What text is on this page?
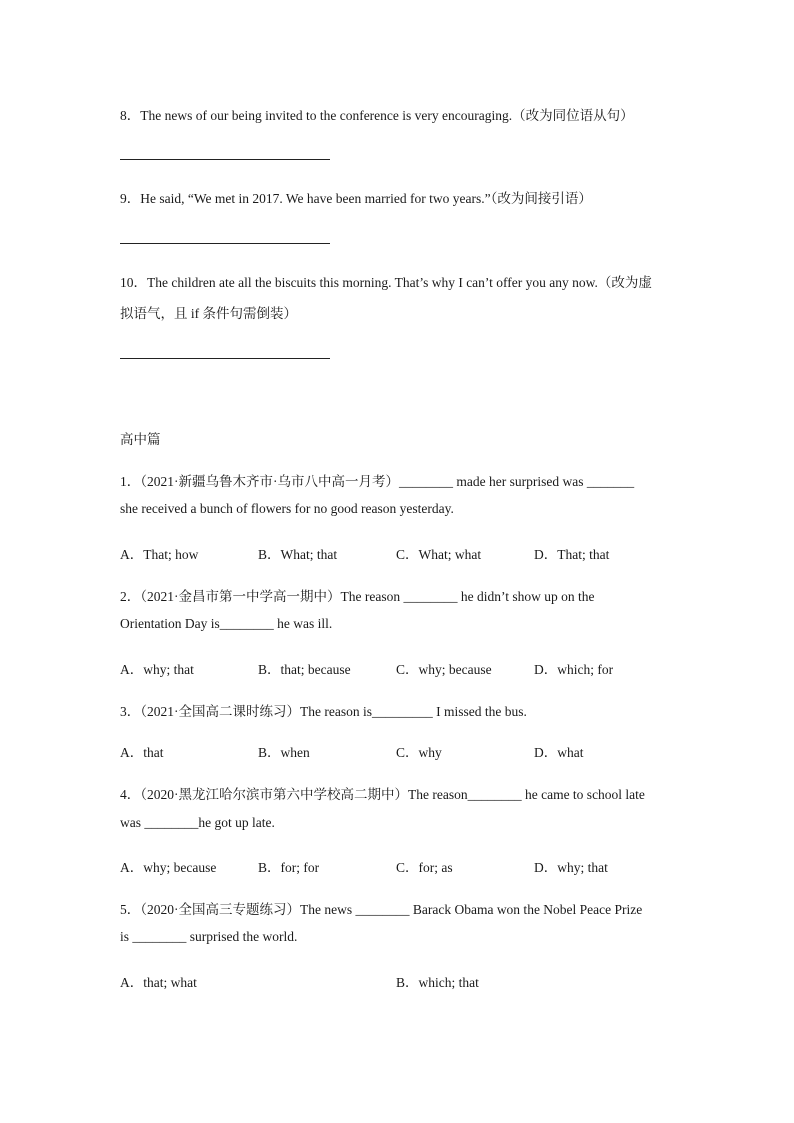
8．The news of our being invited to the conference is very encouraging.（改为同位语从句）
9．He said, “We met in 2017. We have been married for two years.”（改为间接引语）
10．The children ate all the biscuits this morning. That’s why I can’t offer you any now.（改为虚
拟语气，且 if 条件句需倒装）
高中篇
1．（2021·新疆乌鲁木齐市·乌市八中高一月考）________ made her surprised was _______
she received a bunch of flowers for no good reason yesterday.
A．That; how	B．What; that	C．What; what	D．That; that
2．（2021·金昌市第一中学高一期中）The reason ________ he didn’t show up on the
Orientation Day is________ he was ill.
A．why; that	B．that; because	C．why; because	D．which; for
3．（2021·全国高二课时练习）The reason is_________ I missed the bus.
A．that	B．when	C．why	D．what
4．（2020·黑龙江哈尔滨市第六中学校高二期中）The reason________ he came to school late
was ________he got up late.
A．why; because	B．for; for	C．for; as	D．why; that
5．（2020·全国高三专题练习）The news ________ Barack Obama won the Nobel Peace Prize
is ________ surprised the world.
A．that; what	B．which; that
